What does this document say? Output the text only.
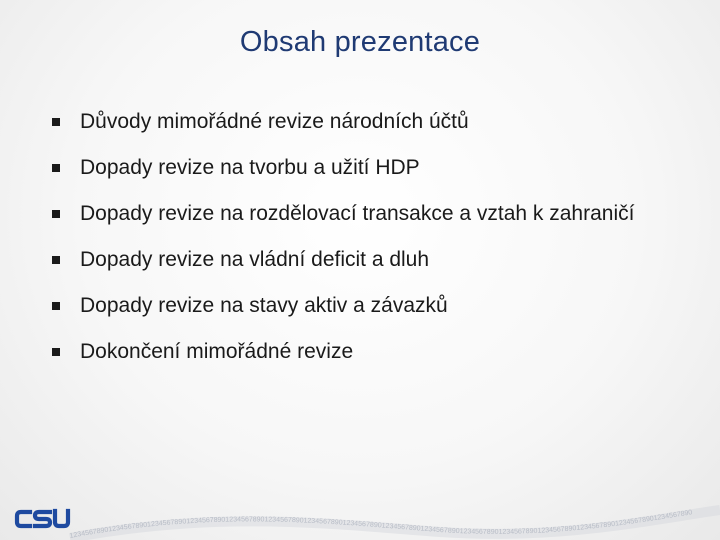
Obsah prezentace
Důvody mimořádné revize národních účtů
Dopady revize na tvorbu a užití HDP
Dopady revize na rozdělovací transakce a vztah k zahraničí
Dopady revize na vládní deficit a dluh
Dopady revize na stavy aktiv a závazků
Dokončení mimořádné revize
1234567890123456789012345678901234567890123456789012345678901234567890123456789012345678901234567890123456789012345678901234567890123456789012345678901234567890
